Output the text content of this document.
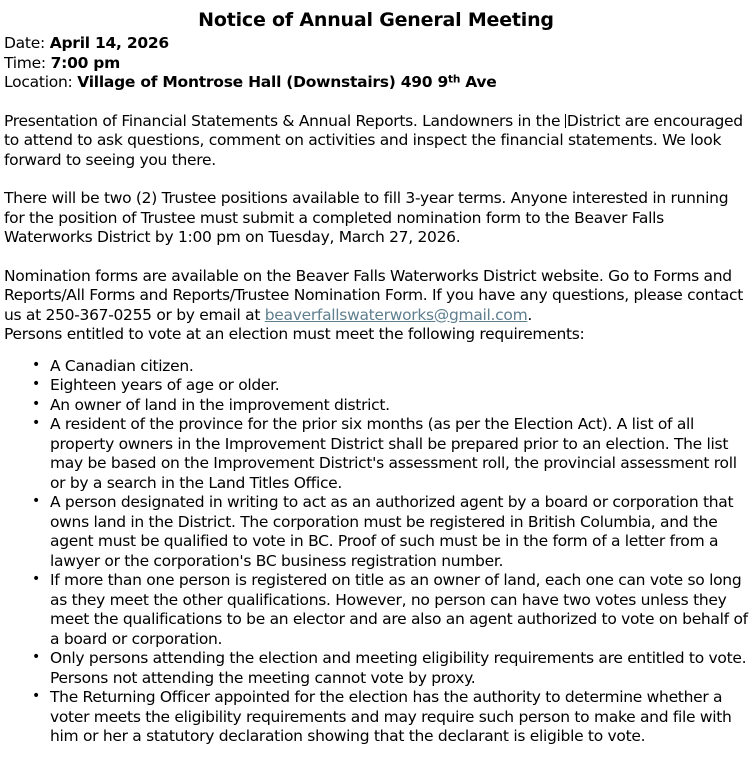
Notice of Annual General Meeting
Date: April 14, 2026
Time: 7:00 pm
Location: Village of Montrose Hall (Downstairs) 490 9th Ave
Presentation of Financial Statements & Annual Reports. Landowners in the District are encouraged to attend to ask questions, comment on activities and inspect the financial statements. We look forward to seeing you there.
There will be two (2) Trustee positions available to fill 3-year terms. Anyone interested in running for the position of Trustee must submit a completed nomination form to the Beaver Falls Waterworks District by 1:00 pm on Tuesday, March 27, 2026.
Nomination forms are available on the Beaver Falls Waterworks District website. Go to Forms and Reports/All Forms and Reports/Trustee Nomination Form. If you have any questions, please contact us at 250-367-0255 or by email at beaverfallswaterworks@gmail.com.
Persons entitled to vote at an election must meet the following requirements:
• A Canadian citizen.
• Eighteen years of age or older.
• An owner of land in the improvement district.
• A resident of the province for the prior six months (as per the Election Act). A list of all property owners in the Improvement District shall be prepared prior to an election. The list may be based on the Improvement District's assessment roll, the provincial assessment roll or by a search in the Land Titles Office.
• A person designated in writing to act as an authorized agent by a board or corporation that owns land in the District. The corporation must be registered in British Columbia, and the agent must be qualified to vote in BC. Proof of such must be in the form of a letter from a lawyer or the corporation's BC business registration number.
• If more than one person is registered on title as an owner of land, each one can vote so long as they meet the other qualifications. However, no person can have two votes unless they meet the qualifications to be an elector and are also an agent authorized to vote on behalf of a board or corporation.
• Only persons attending the election and meeting eligibility requirements are entitled to vote. Persons not attending the meeting cannot vote by proxy.
• The Returning Officer appointed for the election has the authority to determine whether a voter meets the eligibility requirements and may require such person to make and file with him or her a statutory declaration showing that the declarant is eligible to vote.
